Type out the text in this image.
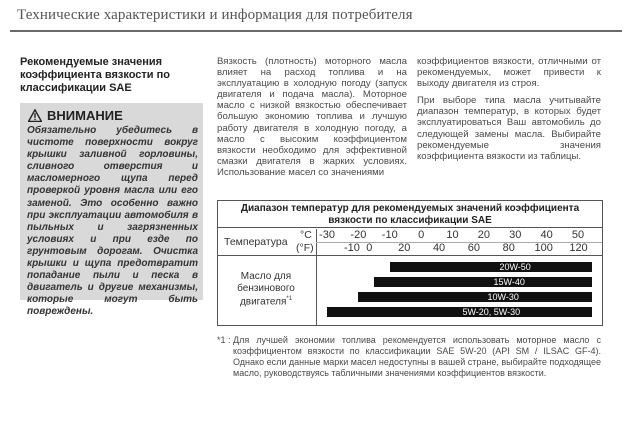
Технические характеристики и информация для потребителя
Рекомендуемые значения коэффициента вязкости по классификации SAE
ВНИМАНИЕ
Обязательно убедитесь в чистоте поверхности вокруг крышки заливной горловины, сливного отверстия и масломерного щупа перед проверкой уровня масла или его заменой. Это особенно важно при эксплуатации автомобиля в пыльных и загрязненных условиях и при езде по грунтовым дорогам. Очистка крышки и щупа предотвратит попадание пыли и песка в двигатель и другие механизмы, которые могут быть повреждены.
Вязкость (плотность) моторного масла влияет на расход топлива и на эксплуатацию в холодную погоду (запуск двигателя и подача масла). Моторное масло с низкой вязкостью обеспечивает большую экономию топлива и лучшую работу двигателя в холодную погоду, а масло с высоким коэффициентом вязкости необходимо для эффективной смазки двигателя в жарких условиях. Использование масел со значениями

коэффициентов вязкости, отличными от рекомендуемых, может привести к выходу двигателя из строя.

При выборе типа масла учитывайте диапазон температур, в которых будет эксплуатироваться Ваш автомобиль до следующей замены масла. Выбирайте рекомендуемые значения коэффициента вязкости из таблицы.

Диапазон температур для рекомендуемых значений коэффициента вязкости по классификации SAE
Температура
°C
(°F)
-30 -20 -10 0 10 20 30 40 50
-10 0 20 40 60 80 100 120
Масло для бензинового двигателя$^{*1}$
20W-50
15W-40
10W-30
5W-20, 5W-30
*1 : Для лучшей экономии топлива рекомендуется использовать моторное масло с коэффициентом вязкости по классификации SAE 5W-20 (API SM / ILSAC GF-4). Однако если данные марки масел недоступны в вашей стране, выбирайте подходящее масло, руководствуясь табличными значениями коэффициентов вязкости.
